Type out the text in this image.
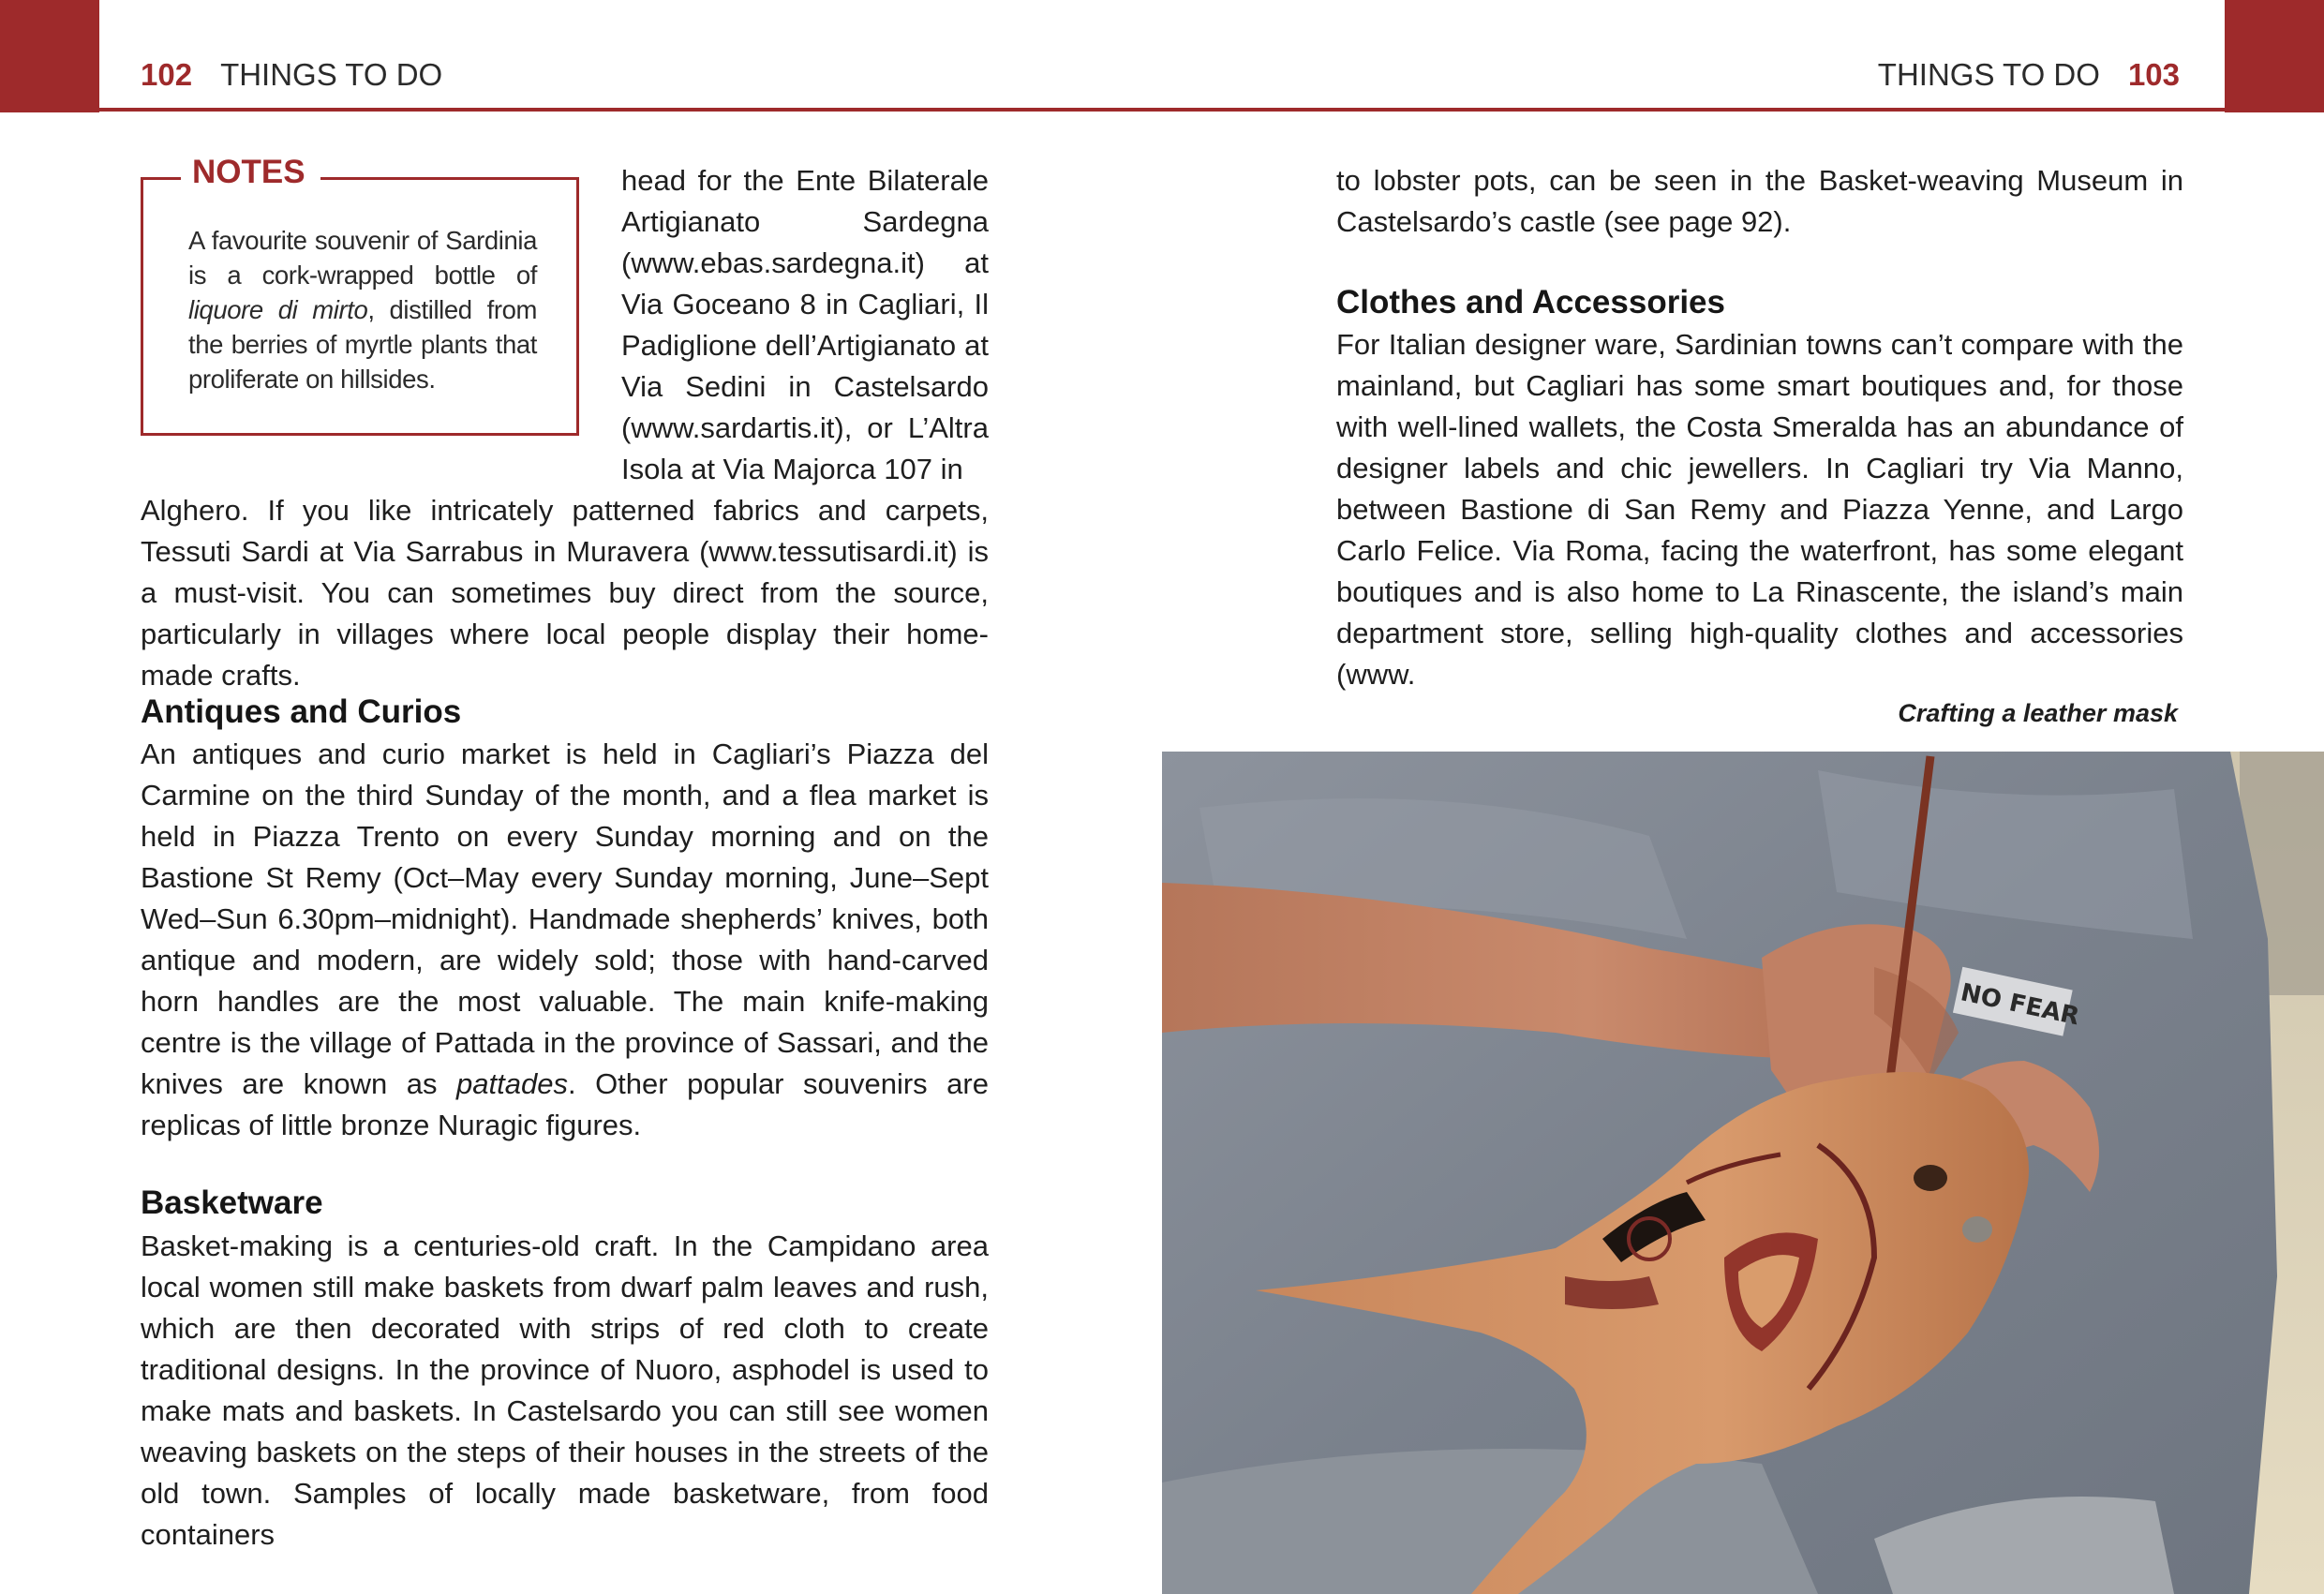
102 THINGS TO DO
NOTES
A favourite souvenir of Sardinia is a cork-wrapped bottle of liquore di mirto, distilled from the berries of myrtle plants that proliferate on hillsides.
head for the Ente Bilaterale Artigianato Sardegna (www.ebas.sardegna.it) at Via Goceano 8 in Cagliari, Il Padiglione dell’Artigianato at Via Sedini in Castelsardo (www.sardartis.it), or L’Altra Isola at Via Majorca 107 in
Alghero. If you like intricately patterned fabrics and carpets, Tessuti Sardi at Via Sarrabus in Muravera (www.tessutisardi.it) is a must-visit. You can sometimes buy direct from the source, particularly in villages where local people display their home-made crafts.
Antiques and Curios
An antiques and curio market is held in Cagliari’s Piazza del Carmine on the third Sunday of the month, and a flea market is held in Piazza Trento on every Sunday morning and on the Bastione St Remy (Oct–May every Sunday morning, June–Sept Wed–Sun 6.30pm–midnight). Handmade shepherds’ knives, both antique and modern, are widely sold; those with hand-carved horn handles are the most valuable. The main knife-making centre is the village of Pattada in the province of Sassari, and the knives are known as pattades. Other popular souvenirs are replicas of little bronze Nuragic figures.
Basketware
Basket-making is a centuries-old craft. In the Campidano area local women still make baskets from dwarf palm leaves and rush, which are then decorated with strips of red cloth to create traditional designs. In the province of Nuoro, asphodel is used to make mats and baskets. In Castelsardo you can still see women weaving baskets on the steps of their houses in the streets of the old town. Samples of locally made basketware, from food containers
THINGS TO DO 103
to lobster pots, can be seen in the Basket-weaving Museum in Castelsardo’s castle (see page 92).
Clothes and Accessories
For Italian designer ware, Sardinian towns can’t compare with the mainland, but Cagliari has some smart boutiques and, for those with well-lined wallets, the Costa Smeralda has an abundance of designer labels and chic jewellers. In Cagliari try Via Manno, between Bastione di San Remy and Piazza Yenne, and Largo Carlo Felice. Via Roma, facing the waterfront, has some elegant boutiques and is also home to La Rinascente, the island’s main department store, selling high-quality clothes and accessories (www.
Crafting a leather mask
NO FEAR
